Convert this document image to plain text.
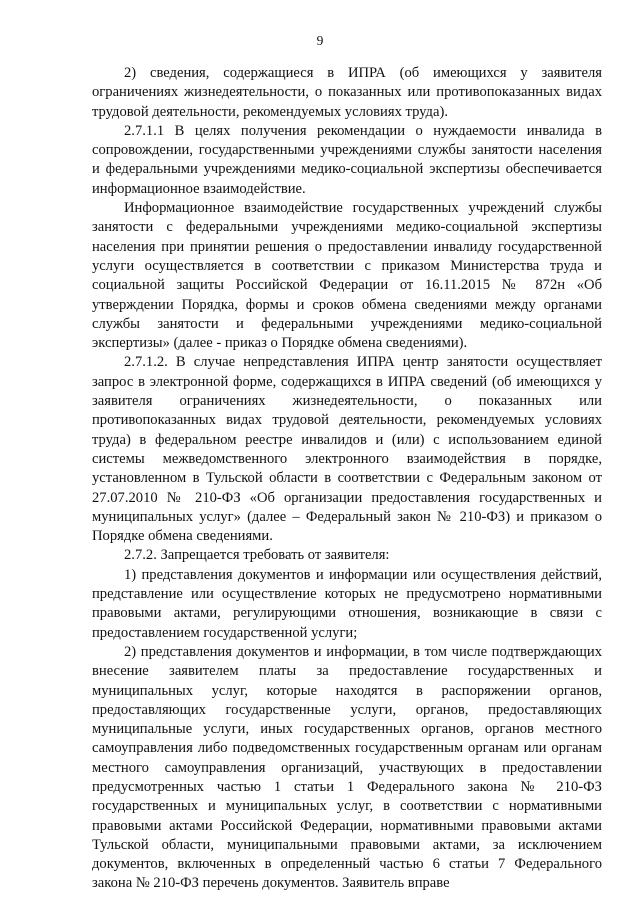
9

2) сведения, содержащиеся в ИПРА (об имеющихся у заявителя ограничениях жизнедеятельности, о показанных или противопоказанных видах трудовой деятельности, рекомендуемых условиях труда).

2.7.1.1 В целях получения рекомендации о нуждаемости инвалида в сопровождении, государственными учреждениями службы занятости населения и федеральными учреждениями медико-социальной экспертизы обеспечивается информационное взаимодействие.

Информационное взаимодействие государственных учреждений службы занятости с федеральными учреждениями медико-социальной экспертизы населения при принятии решения о предоставлении инвалиду государственной услуги осуществляется в соответствии с приказом Министерства труда и социальной защиты Российской Федерации от 16.11.2015 № 872н «Об утверждении Порядка, формы и сроков обмена сведениями между органами службы занятости и федеральными учреждениями медико-социальной экспертизы» (далее - приказ о Порядке обмена сведениями).

2.7.1.2. В случае непредставления ИПРА центр занятости осуществляет запрос в электронной форме, содержащихся в ИПРА сведений (об имеющихся у заявителя ограничениях жизнедеятельности, о показанных или противопоказанных видах трудовой деятельности, рекомендуемых условиях труда) в федеральном реестре инвалидов и (или) с использованием единой системы межведомственного электронного взаимодействия в порядке, установленном в Тульской области в соответствии с Федеральным законом от 27.07.2010 № 210-ФЗ «Об организации предоставления государственных и муниципальных услуг» (далее – Федеральный закон № 210-ФЗ) и приказом о Порядке обмена сведениями.

2.7.2. Запрещается требовать от заявителя:

1) представления документов и информации или осуществления действий, представление или осуществление которых не предусмотрено нормативными правовыми актами, регулирующими отношения, возникающие в связи с предоставлением государственной услуги;

2) представления документов и информации, в том числе подтверждающих внесение заявителем платы за предоставление государственных и муниципальных услуг, которые находятся в распоряжении органов, предоставляющих государственные услуги, органов, предоставляющих муниципальные услуги, иных государственных органов, органов местного самоуправления либо подведомственных государственным органам или органам местного самоуправления организаций, участвующих в предоставлении предусмотренных частью 1 статьи 1 Федерального закона № 210-ФЗ государственных и муниципальных услуг, в соответствии с нормативными правовыми актами Российской Федерации, нормативными правовыми актами Тульской области, муниципальными правовыми актами, за исключением документов, включенных в определенный частью 6 статьи 7 Федерального закона № 210-ФЗ перечень документов. Заявитель вправе
